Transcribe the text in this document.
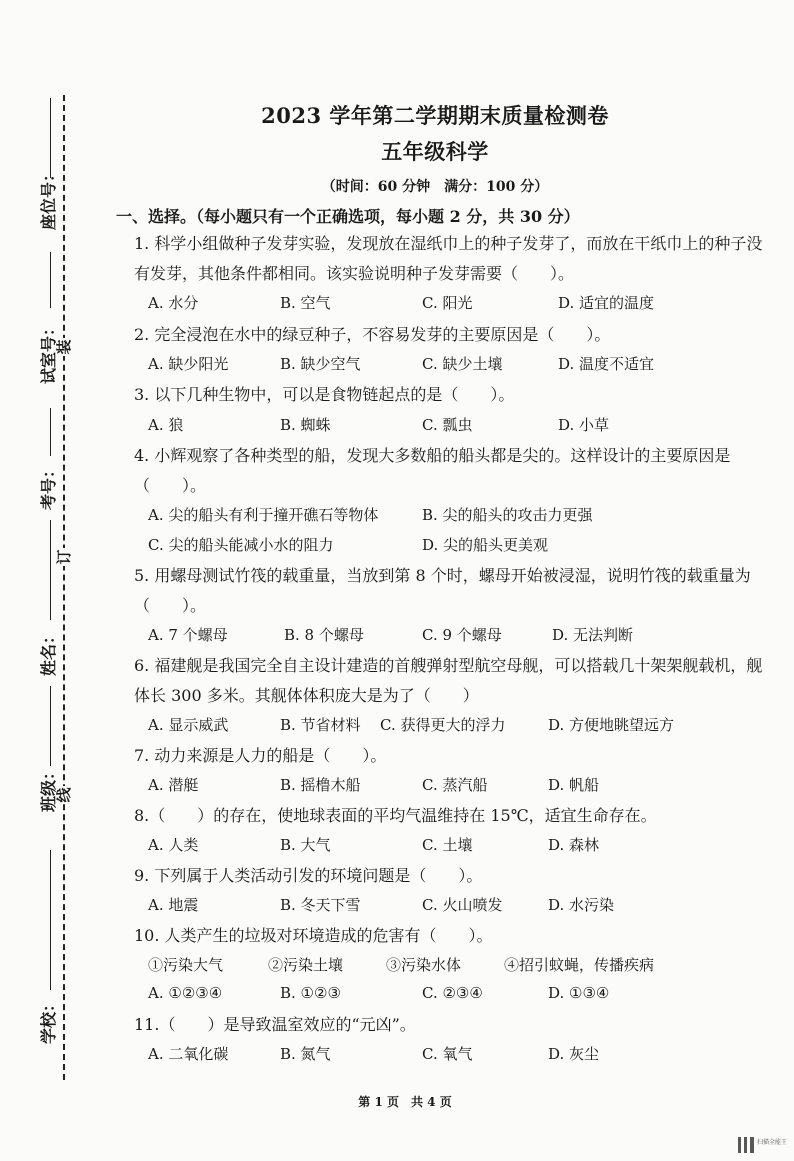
装
订
线
座位号：
试室号：
考号：
姓名：
班级：
学校：
2023 学年第二学期期末质量检测卷
五年级科学
（时间：60 分钟　满分：100 分）
一、选择。（每小题只有一个正确选项，每小题 2 分，共 30 分）
1. 科学小组做种子发芽实验，发现放在湿纸巾上的种子发芽了，而放在干纸巾上的种子没有发芽，其他条件都相同。该实验说明种子发芽需要（　　）。
A. 水分	B. 空气	C. 阳光	D. 适宜的温度
2. 完全浸泡在水中的绿豆种子，不容易发芽的主要原因是（　　）。
A. 缺少阳光	B. 缺少空气	C. 缺少土壤	D. 温度不适宜
3. 以下几种生物中，可以是食物链起点的是（　　）。
A. 狼	B. 蜘蛛	C. 瓢虫	D. 小草
4. 小辉观察了各种类型的船，发现大多数船的船头都是尖的。这样设计的主要原因是（　　）。
A. 尖的船头有利于撞开礁石等物体	B. 尖的船头的攻击力更强
C. 尖的船头能减小水的阻力	D. 尖的船头更美观
5. 用螺母测试竹筏的载重量，当放到第 8 个时，螺母开始被浸湿，说明竹筏的载重量为（　　）。
A. 7 个螺母	B. 8 个螺母	C. 9 个螺母	D. 无法判断
6. 福建舰是我国完全自主设计建造的首艘弹射型航空母舰，可以搭载几十架架舰载机，舰体长 300 多米。其舰体体积庞大是为了（　　）
A. 显示威武	B. 节省材料 C. 获得更大的浮力	D. 方便地眺望远方
7. 动力来源是人力的船是（　　）。
A. 潜艇	B. 摇橹木船	C. 蒸汽船	D. 帆船
8.（　　）的存在，使地球表面的平均气温维持在 15℃，适宜生命存在。
A. 人类	B. 大气	C. 土壤	D. 森林
9. 下列属于人类活动引发的环境问题是（　　）。
A. 地震	B. 冬天下雪	C. 火山喷发	D. 水污染
10. 人类产生的垃圾对环境造成的危害有（　　）。
①污染大气	②污染土壤	③污染水体	④招引蚊蝇，传播疾病
A. ①②③④	B. ①②③	C. ②③④	D. ①③④
11.（　　）是导致温室效应的“元凶”。
A. 二氧化碳	B. 氮气	C. 氧气	D. 灰尘
第 1 页　共 4 页
扫描全能王
